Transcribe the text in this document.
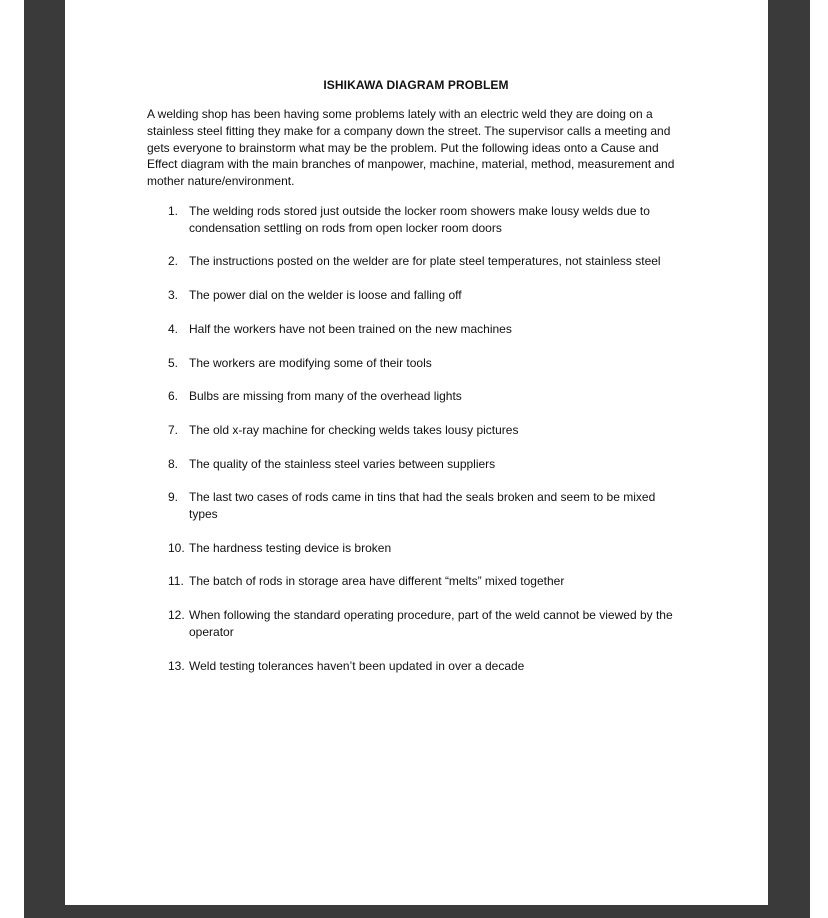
ISHIKAWA DIAGRAM PROBLEM
A welding shop has been having some problems lately with an electric weld they are doing on a stainless steel fitting they make for a company down the street. The supervisor calls a meeting and gets everyone to brainstorm what may be the problem. Put the following ideas onto a Cause and Effect diagram with the main branches of manpower, machine, material, method, measurement and mother nature/environment.
1. The welding rods stored just outside the locker room showers make lousy welds due to condensation settling on rods from open locker room doors
2. The instructions posted on the welder are for plate steel temperatures, not stainless steel
3. The power dial on the welder is loose and falling off
4. Half the workers have not been trained on the new machines
5. The workers are modifying some of their tools
6. Bulbs are missing from many of the overhead lights
7. The old x-ray machine for checking welds takes lousy pictures
8. The quality of the stainless steel varies between suppliers
9. The last two cases of rods came in tins that had the seals broken and seem to be mixed types
10. The hardness testing device is broken
11. The batch of rods in storage area have different “melts” mixed together
12. When following the standard operating procedure, part of the weld cannot be viewed by the operator
13. Weld testing tolerances haven’t been updated in over a decade
